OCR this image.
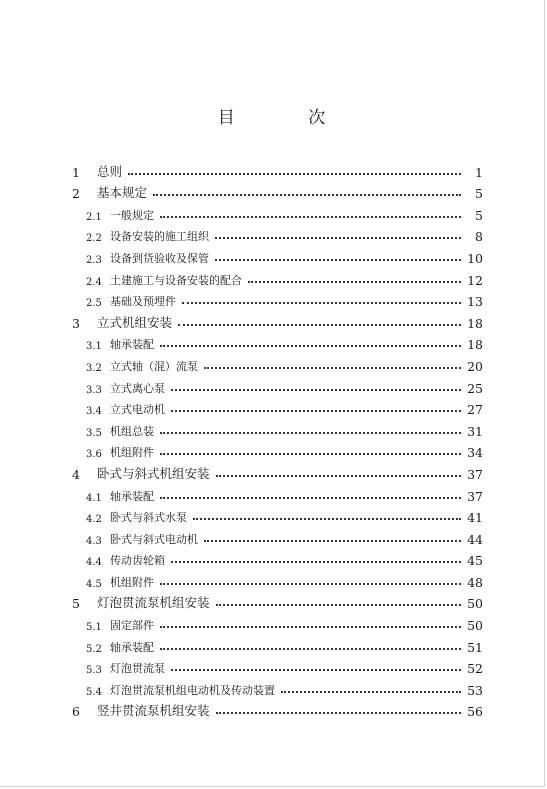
目 次
1	总则	1
2	基本规定	5
2.1 一般规定	5
2.2 设备安装的施工组织	8
2.3 设备到货验收及保管	10
2.4 土建施工与设备安装的配合	12
2.5 基础及预埋件	13
3	立式机组安装	18
3.1 轴承装配	18
3.2 立式轴（混）流泵	20
3.3 立式离心泵	25
3.4 立式电动机	27
3.5 机组总装	31
3.6 机组附件	34
4	卧式与斜式机组安装	37
4.1 轴承装配	37
4.2 卧式与斜式水泵	41
4.3 卧式与斜式电动机	44
4.4 传动齿轮箱	45
4.5 机组附件	48
5	灯泡贯流泵机组安装	50
5.1 固定部件	50
5.2 轴承装配	51
5.3 灯泡贯流泵	52
5.4 灯泡贯流泵机组电动机及传动装置	53
6	竖井贯流泵机组安装	56
